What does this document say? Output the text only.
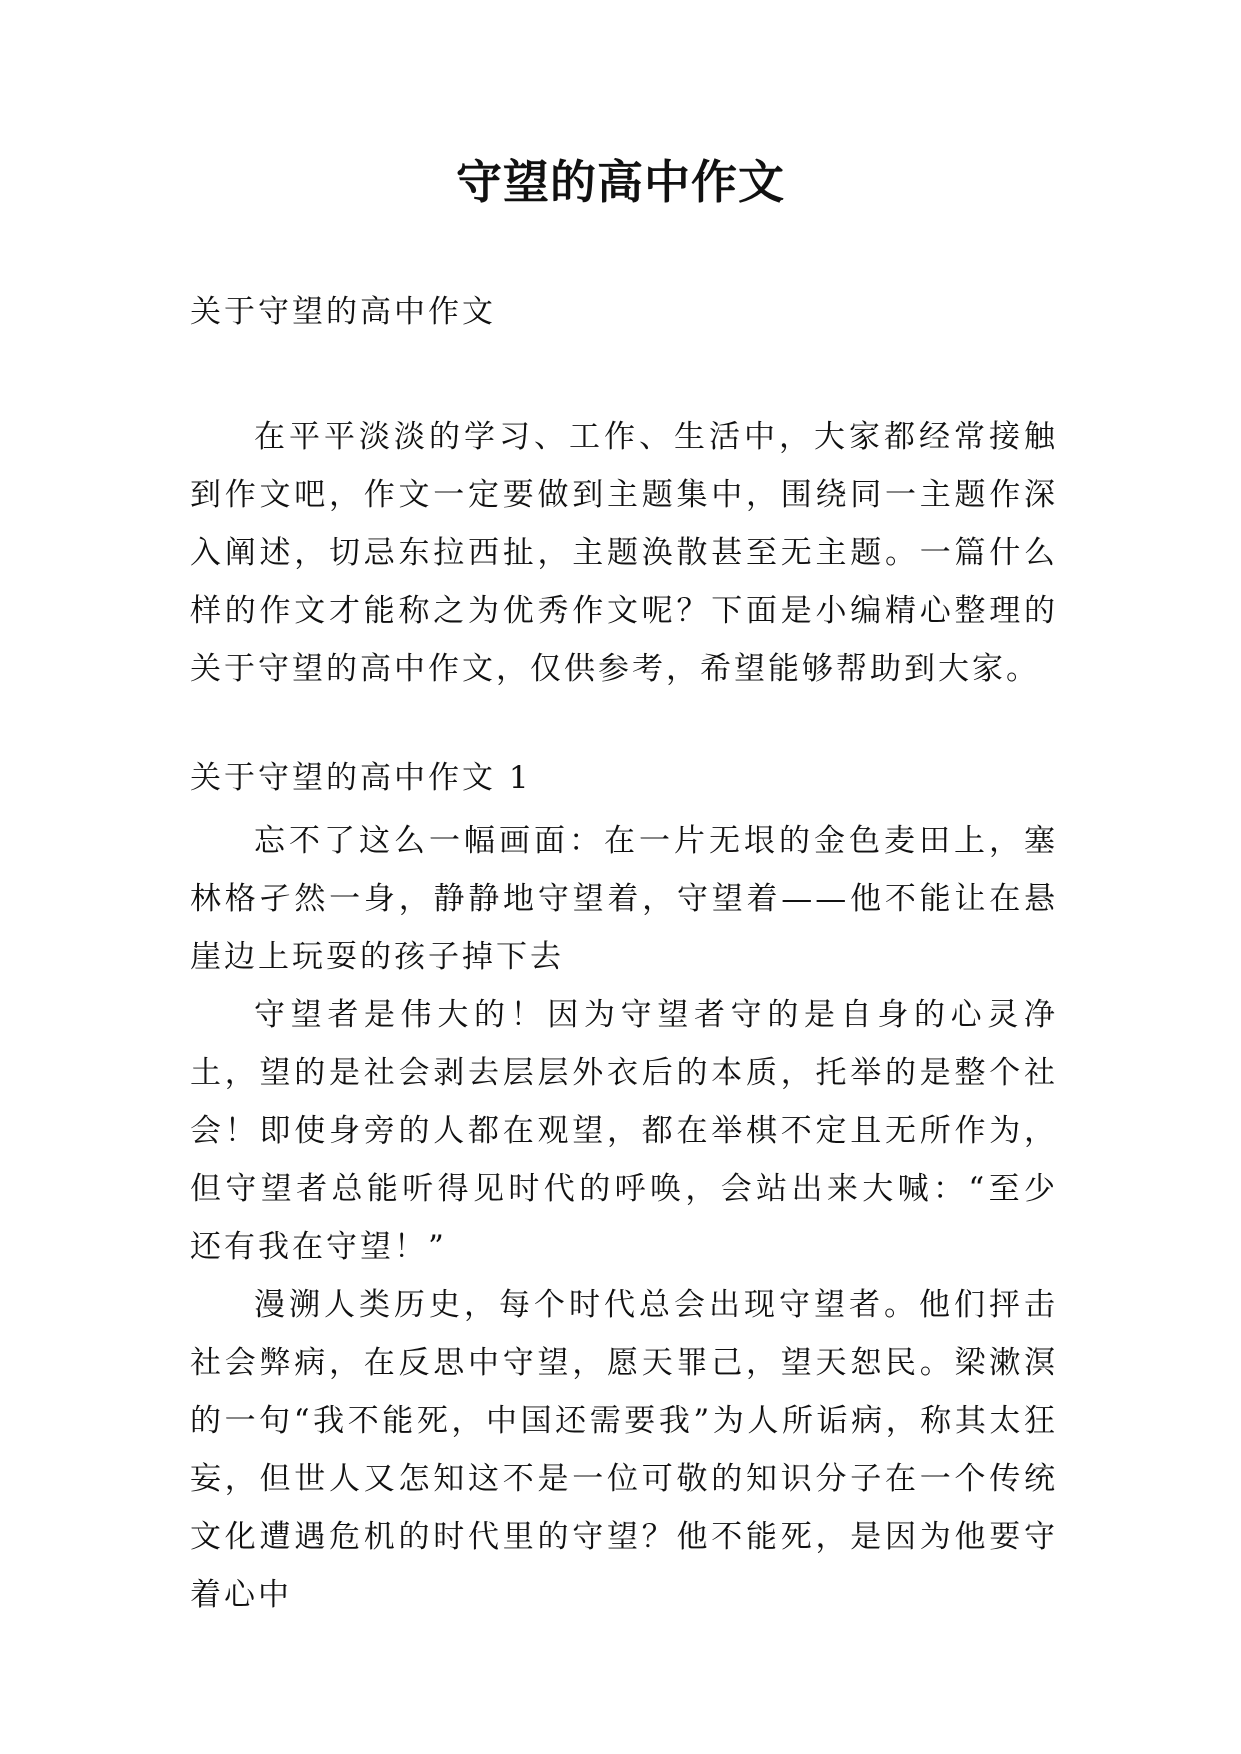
守望的高中作文

关于守望的高中作文

在平平淡淡的学习、工作、生活中，大家都经常接触到作文吧，作文一定要做到主题集中，围绕同一主题作深入阐述，切忌东拉西扯，主题涣散甚至无主题。一篇什么样的作文才能称之为优秀作文呢？下面是小编精心整理的关于守望的高中作文，仅供参考，希望能够帮助到大家。

关于守望的高中作文 1

忘不了这么一幅画面：在一片无垠的金色麦田上，塞林格孑然一身，静静地守望着，守望着——他不能让在悬崖边上玩耍的孩子掉下去

守望者是伟大的！因为守望者守的是自身的心灵净土，望的是社会剥去层层外衣后的本质，托举的是整个社会！即使身旁的人都在观望，都在举棋不定且无所作为，但守望者总能听得见时代的呼唤，会站出来大喊：“至少还有我在守望！”

漫溯人类历史，每个时代总会出现守望者。他们抨击社会弊病，在反思中守望，愿天罪己，望天恕民。梁漱溟的一句“我不能死，中国还需要我”为人所诟病，称其太狂妄，但世人又怎知这不是一位可敬的知识分子在一个传统文化遭遇危机的时代里的守望？他不能死，是因为他要守着心中
